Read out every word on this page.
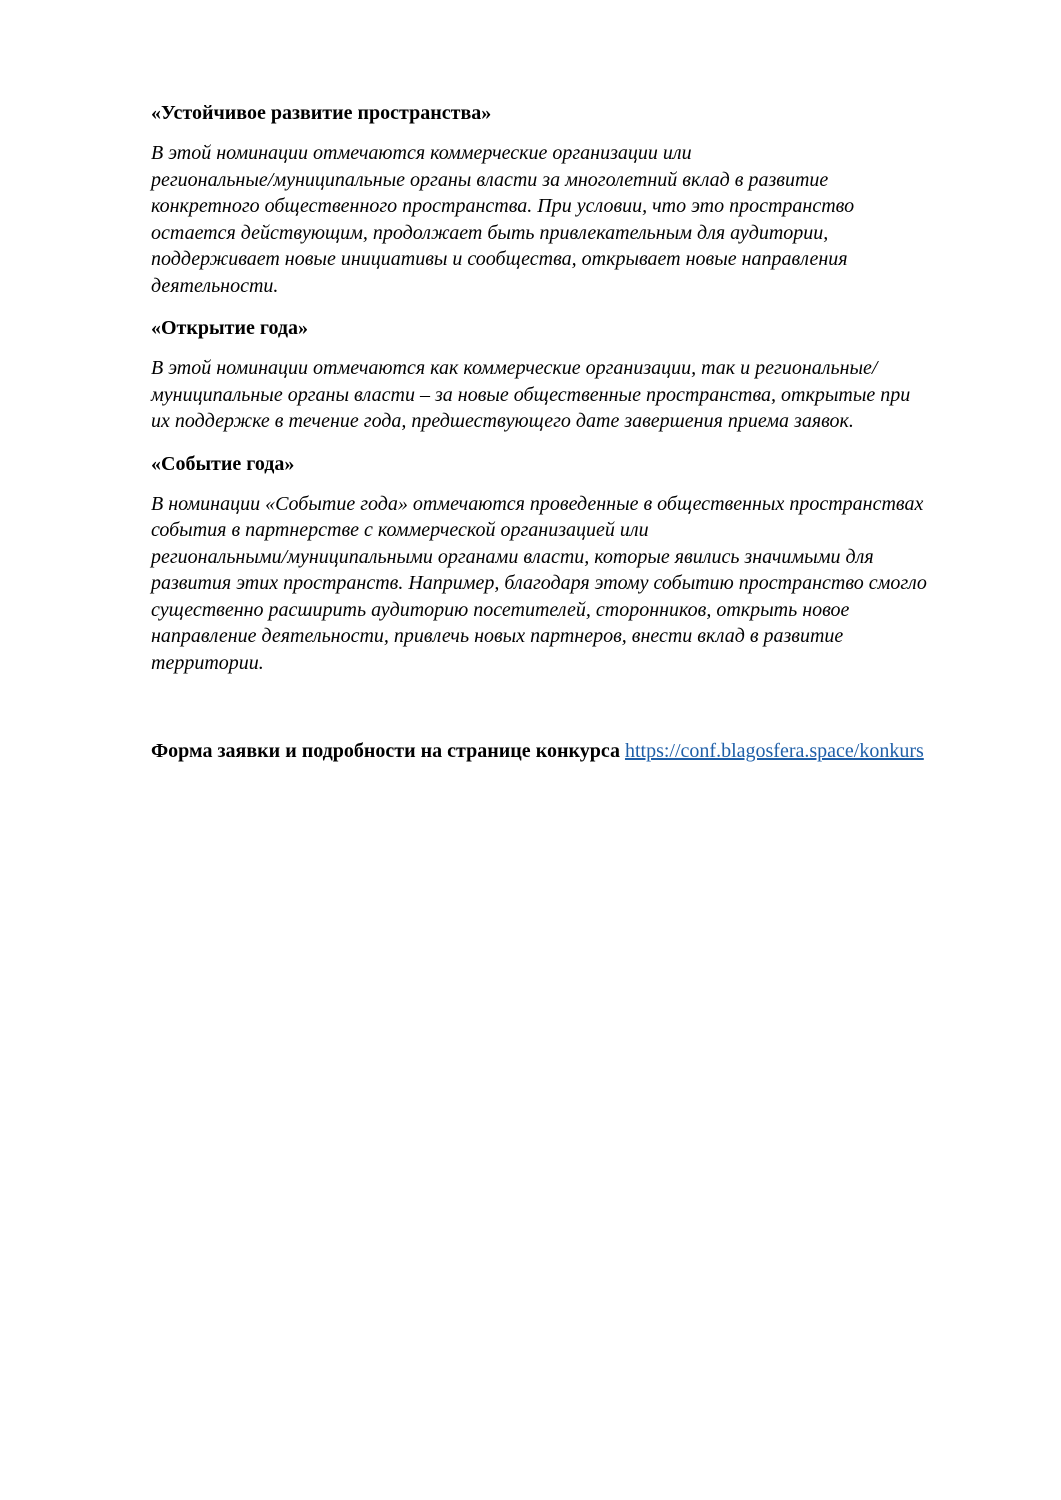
«Устойчивое развитие пространства»
В этой номинации отмечаются коммерческие организации или
региональные/муниципальные органы власти за многолетний вклад в развитие
конкретного общественного пространства. При условии, что это пространство
остается действующим, продолжает быть привлекательным для аудитории,
поддерживает новые инициативы и сообщества, открывает новые направления
деятельности.
«Открытие года»
В этой номинации отмечаются как коммерческие организации, так и региональные/
муниципальные органы власти – за новые общественные пространства, открытые при
их поддержке в течение года, предшествующего дате завершения приема заявок.
«Событие года»
В номинации «Событие года» отмечаются проведенные в общественных пространствах
события в партнерстве с коммерческой организацией или
региональными/муниципальными органами власти, которые явились значимыми для
развития этих пространств. Например, благодаря этому событию пространство смогло
существенно расширить аудиторию посетителей, сторонников, открыть новое
направление деятельности, привлечь новых партнеров, внести вклад в развитие
территории.
Форма заявки и подробности на странице конкурса https://conf.blagosfera.space/konkurs
